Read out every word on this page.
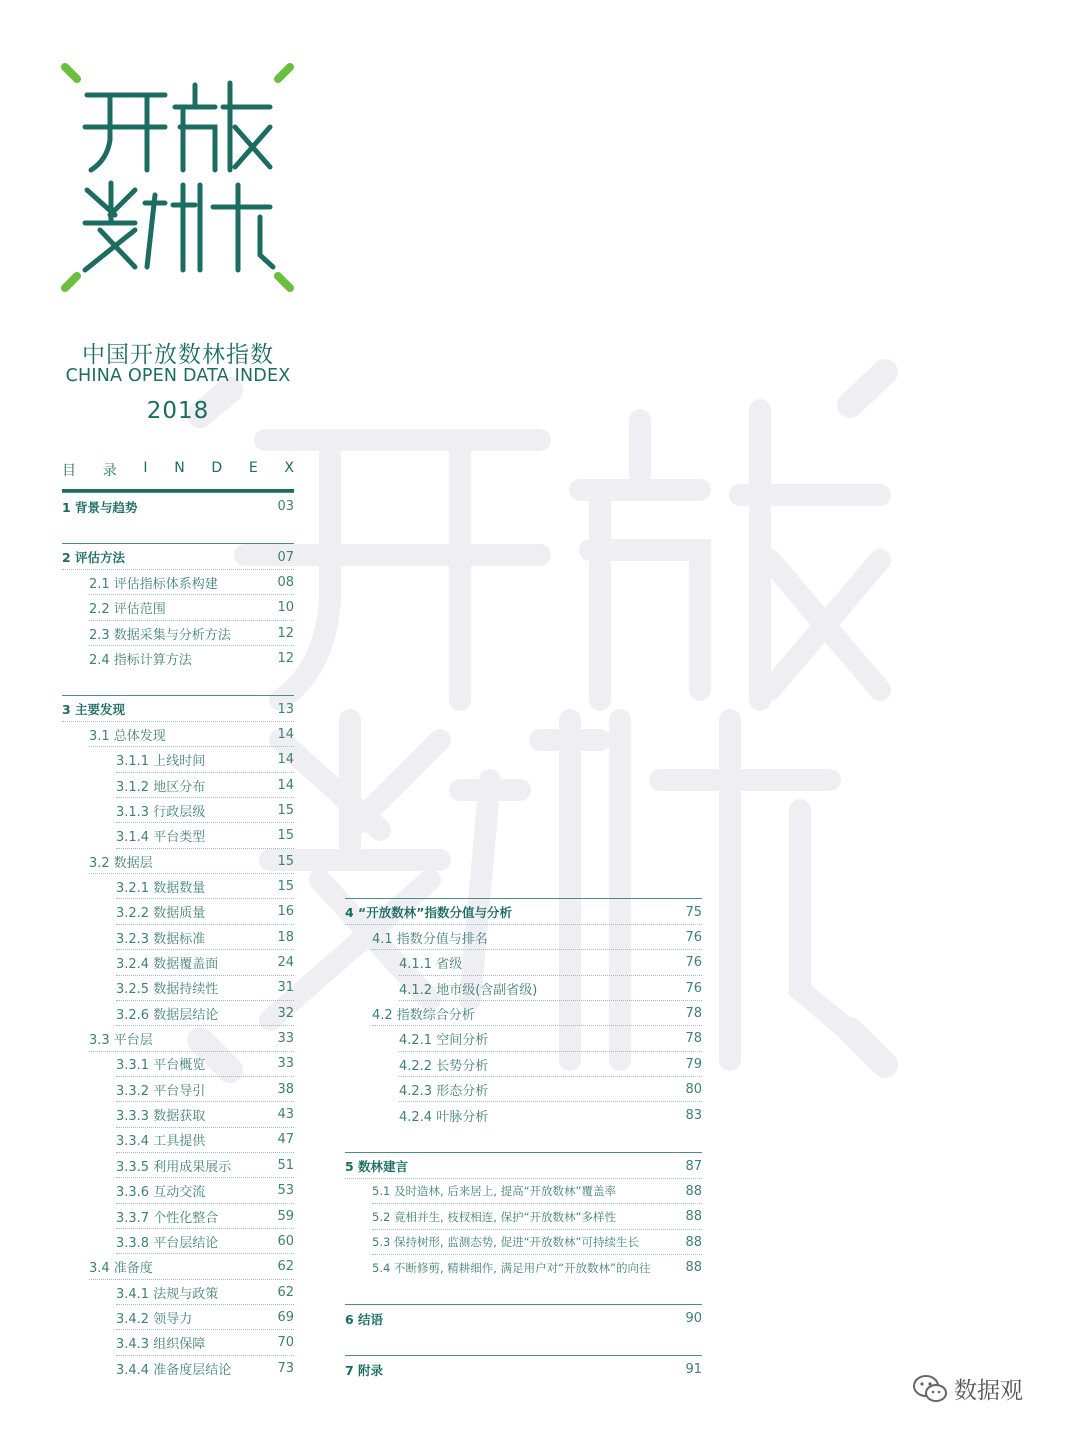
中国开放数林指数
CHINA OPEN DATA INDEX
2018
目 录 I N D E X
数据观
1 背景与趋势	03
2 评估方法	07
2.1 评估指标体系构建	08
2.2 评估范围	10
2.3 数据采集与分析方法	12
2.4 指标计算方法	12
3 主要发现	13
3.1 总体发现	14
3.1.1 上线时间	14
3.1.2 地区分布	14
3.1.3 行政层级	15
3.1.4 平台类型	15
3.2 数据层	15
3.2.1 数据数量	15
3.2.2 数据质量	16
3.2.3 数据标准	18
3.2.4 数据覆盖面	24
3.2.5 数据持续性	31
3.2.6 数据层结论	32
3.3 平台层	33
3.3.1 平台概览	33
3.3.2 平台导引	38
3.3.3 数据获取	43
3.3.4 工具提供	47
3.3.5 利用成果展示	51
3.3.6 互动交流	53
3.3.7 个性化整合	59
3.3.8 平台层结论	60
3.4 准备度	62
3.4.1 法规与政策	62
3.4.2 领导力	69
3.4.3 组织保障	70
3.4.4 准备度层结论	73
4 “开放数林”指数分值与分析	75
4.1 指数分值与排名	76
4.1.1 省级	76
4.1.2 地市级(含副省级)	76
4.2 指数综合分析	78
4.2.1 空间分析	78
4.2.2 长势分析	79
4.2.3 形态分析	80
4.2.4 叶脉分析	83
5 数林建言	87
5.1 及时造林, 后来居上, 提高“开放数林”覆盖率	88
5.2 竟相并生, 枝杈相连, 保护“开放数林”多样性	88
5.3 保持树形, 监测态势, 促进“开放数林”可持续生长	88
5.4 不断修剪, 精耕细作, 满足用户对“开放数林”的向往	88
6 结语	90
7 附录	91
